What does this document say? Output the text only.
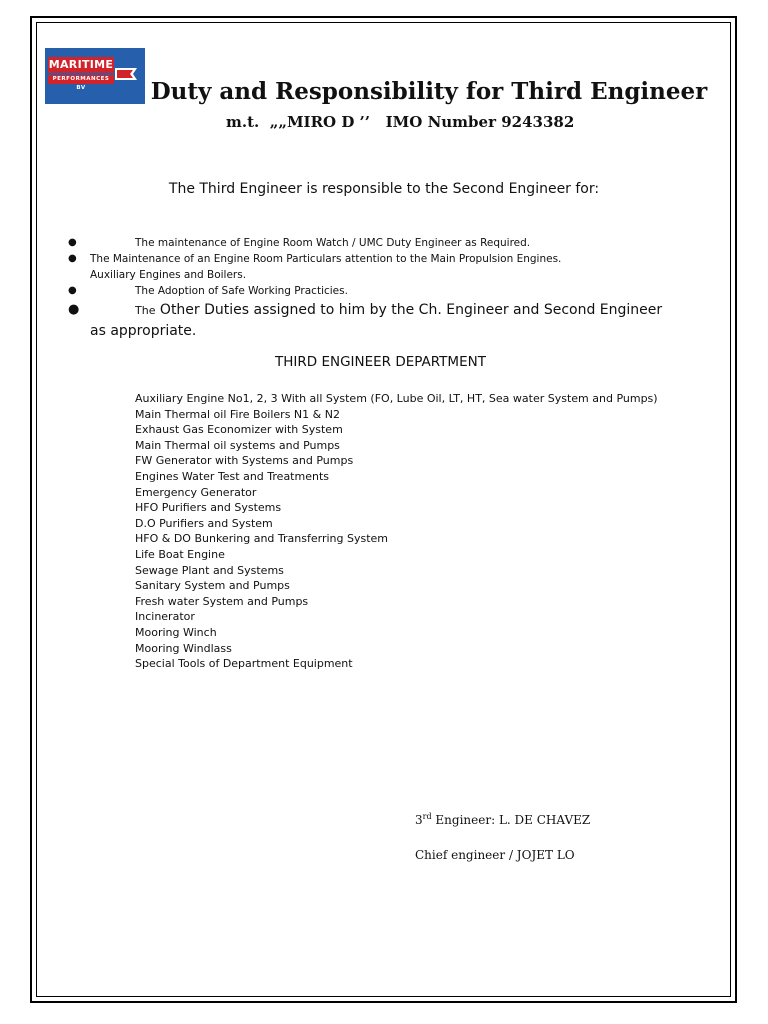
MARITIME
PERFORMANCES BV	Duty and Responsibility for Third Engineer
m.t.  „„MIRO D ’’   IMO Number 9243382
The Third Engineer is responsible to the Second Engineer for:
●	The maintenance of Engine Room Watch / UMC Duty Engineer as Required.
● The Maintenance of an Engine Room Particulars attention to the Main Propulsion Engines.
Auxiliary Engines and Boilers.
●	The Adoption of Safe Working Practicies.
●	The Other Duties assigned to him by the Ch. Engineer and Second Engineer
as appropriate.
THIRD ENGINEER DEPARTMENT
Auxiliary Engine No1, 2, 3 With all System (FO, Lube Oil, LT, HT, Sea water System and Pumps)
Main Thermal oil Fire Boilers N1 & N2
Exhaust Gas Economizer with System
Main Thermal oil systems and Pumps
FW Generator with Systems and Pumps
Engines Water Test and Treatments
Emergency Generator
HFO Purifiers and Systems
D.O Purifiers and System
HFO & DO Bunkering and Transferring System
Life Boat Engine
Sewage Plant and Systems
Sanitary System and Pumps
Fresh water System and Pumps
Incinerator
Mooring Winch
Mooring Windlass
Special Tools of Department Equipment
3rd Engineer: L. DE CHAVEZ
Chief engineer / JOJET LO
